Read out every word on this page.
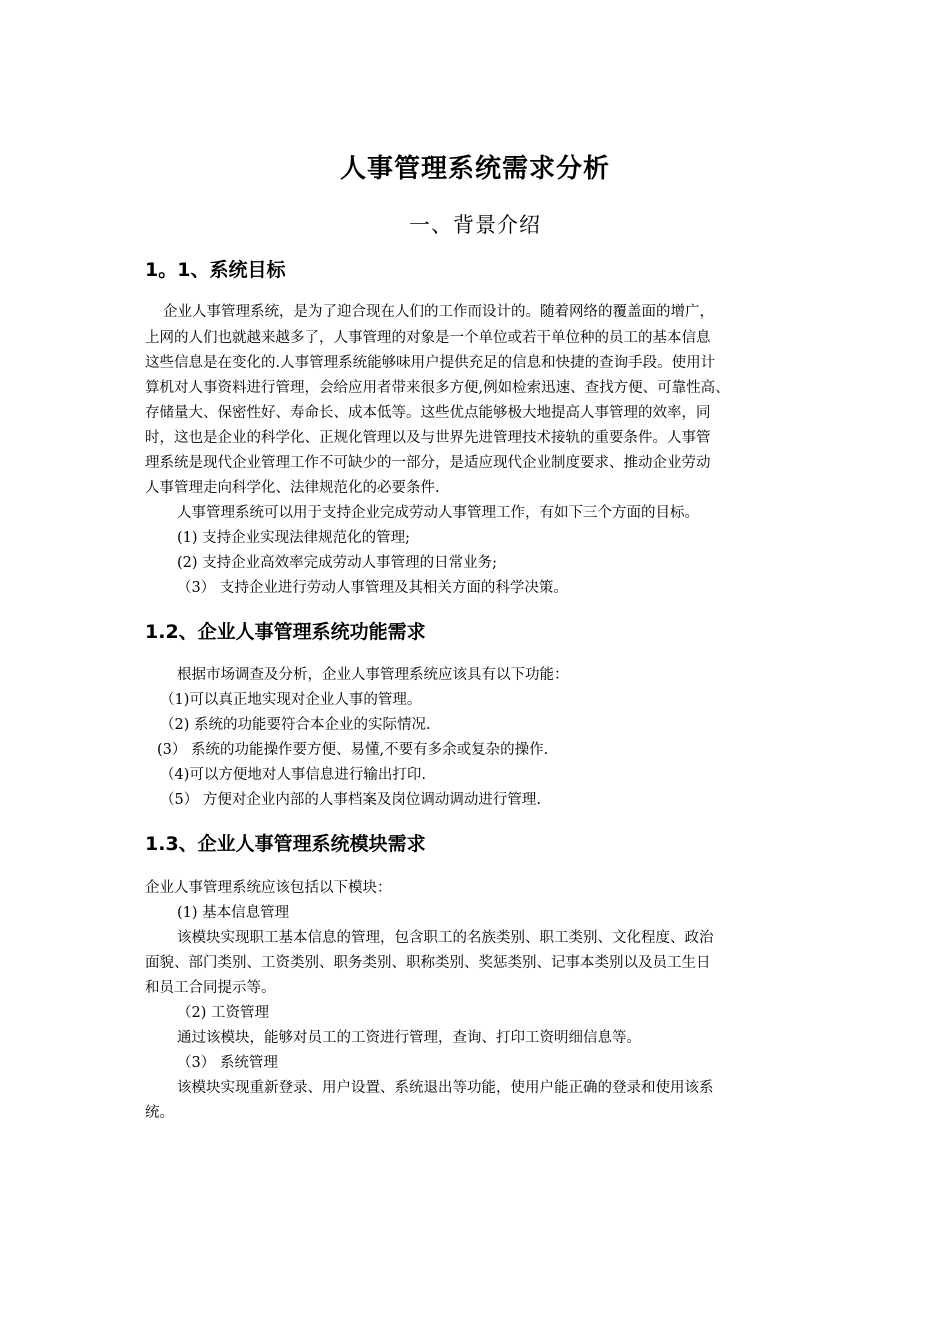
人事管理系统需求分析
一、背景介绍
1。1、系统目标
企业人事管理系统，是为了迎合现在人们的工作而设计的。随着网络的覆盖面的增广，
上网的人们也就越来越多了，人事管理的对象是一个单位或若干单位种的员工的基本信息
这些信息是在变化的.人事管理系统能够味用户提供充足的信息和快捷的查询手段。使用计
算机对人事资料进行管理，会给应用者带来很多方便,例如检索迅速、查找方便、可靠性高、
存储量大、保密性好、寿命长、成本低等。这些优点能够极大地提高人事管理的效率，同
时，这也是企业的科学化、正规化管理以及与世界先进管理技术接轨的重要条件。人事管
理系统是现代企业管理工作不可缺少的一部分，是适应现代企业制度要求、推动企业劳动
人事管理走向科学化、法律规范化的必要条件.
人事管理系统可以用于支持企业完成劳动人事管理工作，有如下三个方面的目标。
(1) 支持企业实现法律规范化的管理;
(2) 支持企业高效率完成劳动人事管理的日常业务;
（3） 支持企业进行劳动人事管理及其相关方面的科学决策。
1.2、企业人事管理系统功能需求
根据市场调查及分析，企业人事管理系统应该具有以下功能：
（1)可以真正地实现对企业人事的管理。
（2) 系统的功能要符合本企业的实际情况.
(3） 系统的功能操作要方便、易懂,不要有多余或复杂的操作.
（4)可以方便地对人事信息进行输出打印.
（5） 方便对企业内部的人事档案及岗位调动调动进行管理.
1.3、企业人事管理系统模块需求
企业人事管理系统应该包括以下模块：
(1) 基本信息管理
该模块实现职工基本信息的管理，包含职工的名族类别、职工类别、文化程度、政治
面貌、部门类别、工资类别、职务类别、职称类别、奖惩类别、记事本类别以及员工生日
和员工合同提示等。
（2) 工资管理
通过该模块，能够对员工的工资进行管理，查询、打印工资明细信息等。
（3） 系统管理
该模块实现重新登录、用户设置、系统退出等功能，使用户能正确的登录和使用该系
统。
